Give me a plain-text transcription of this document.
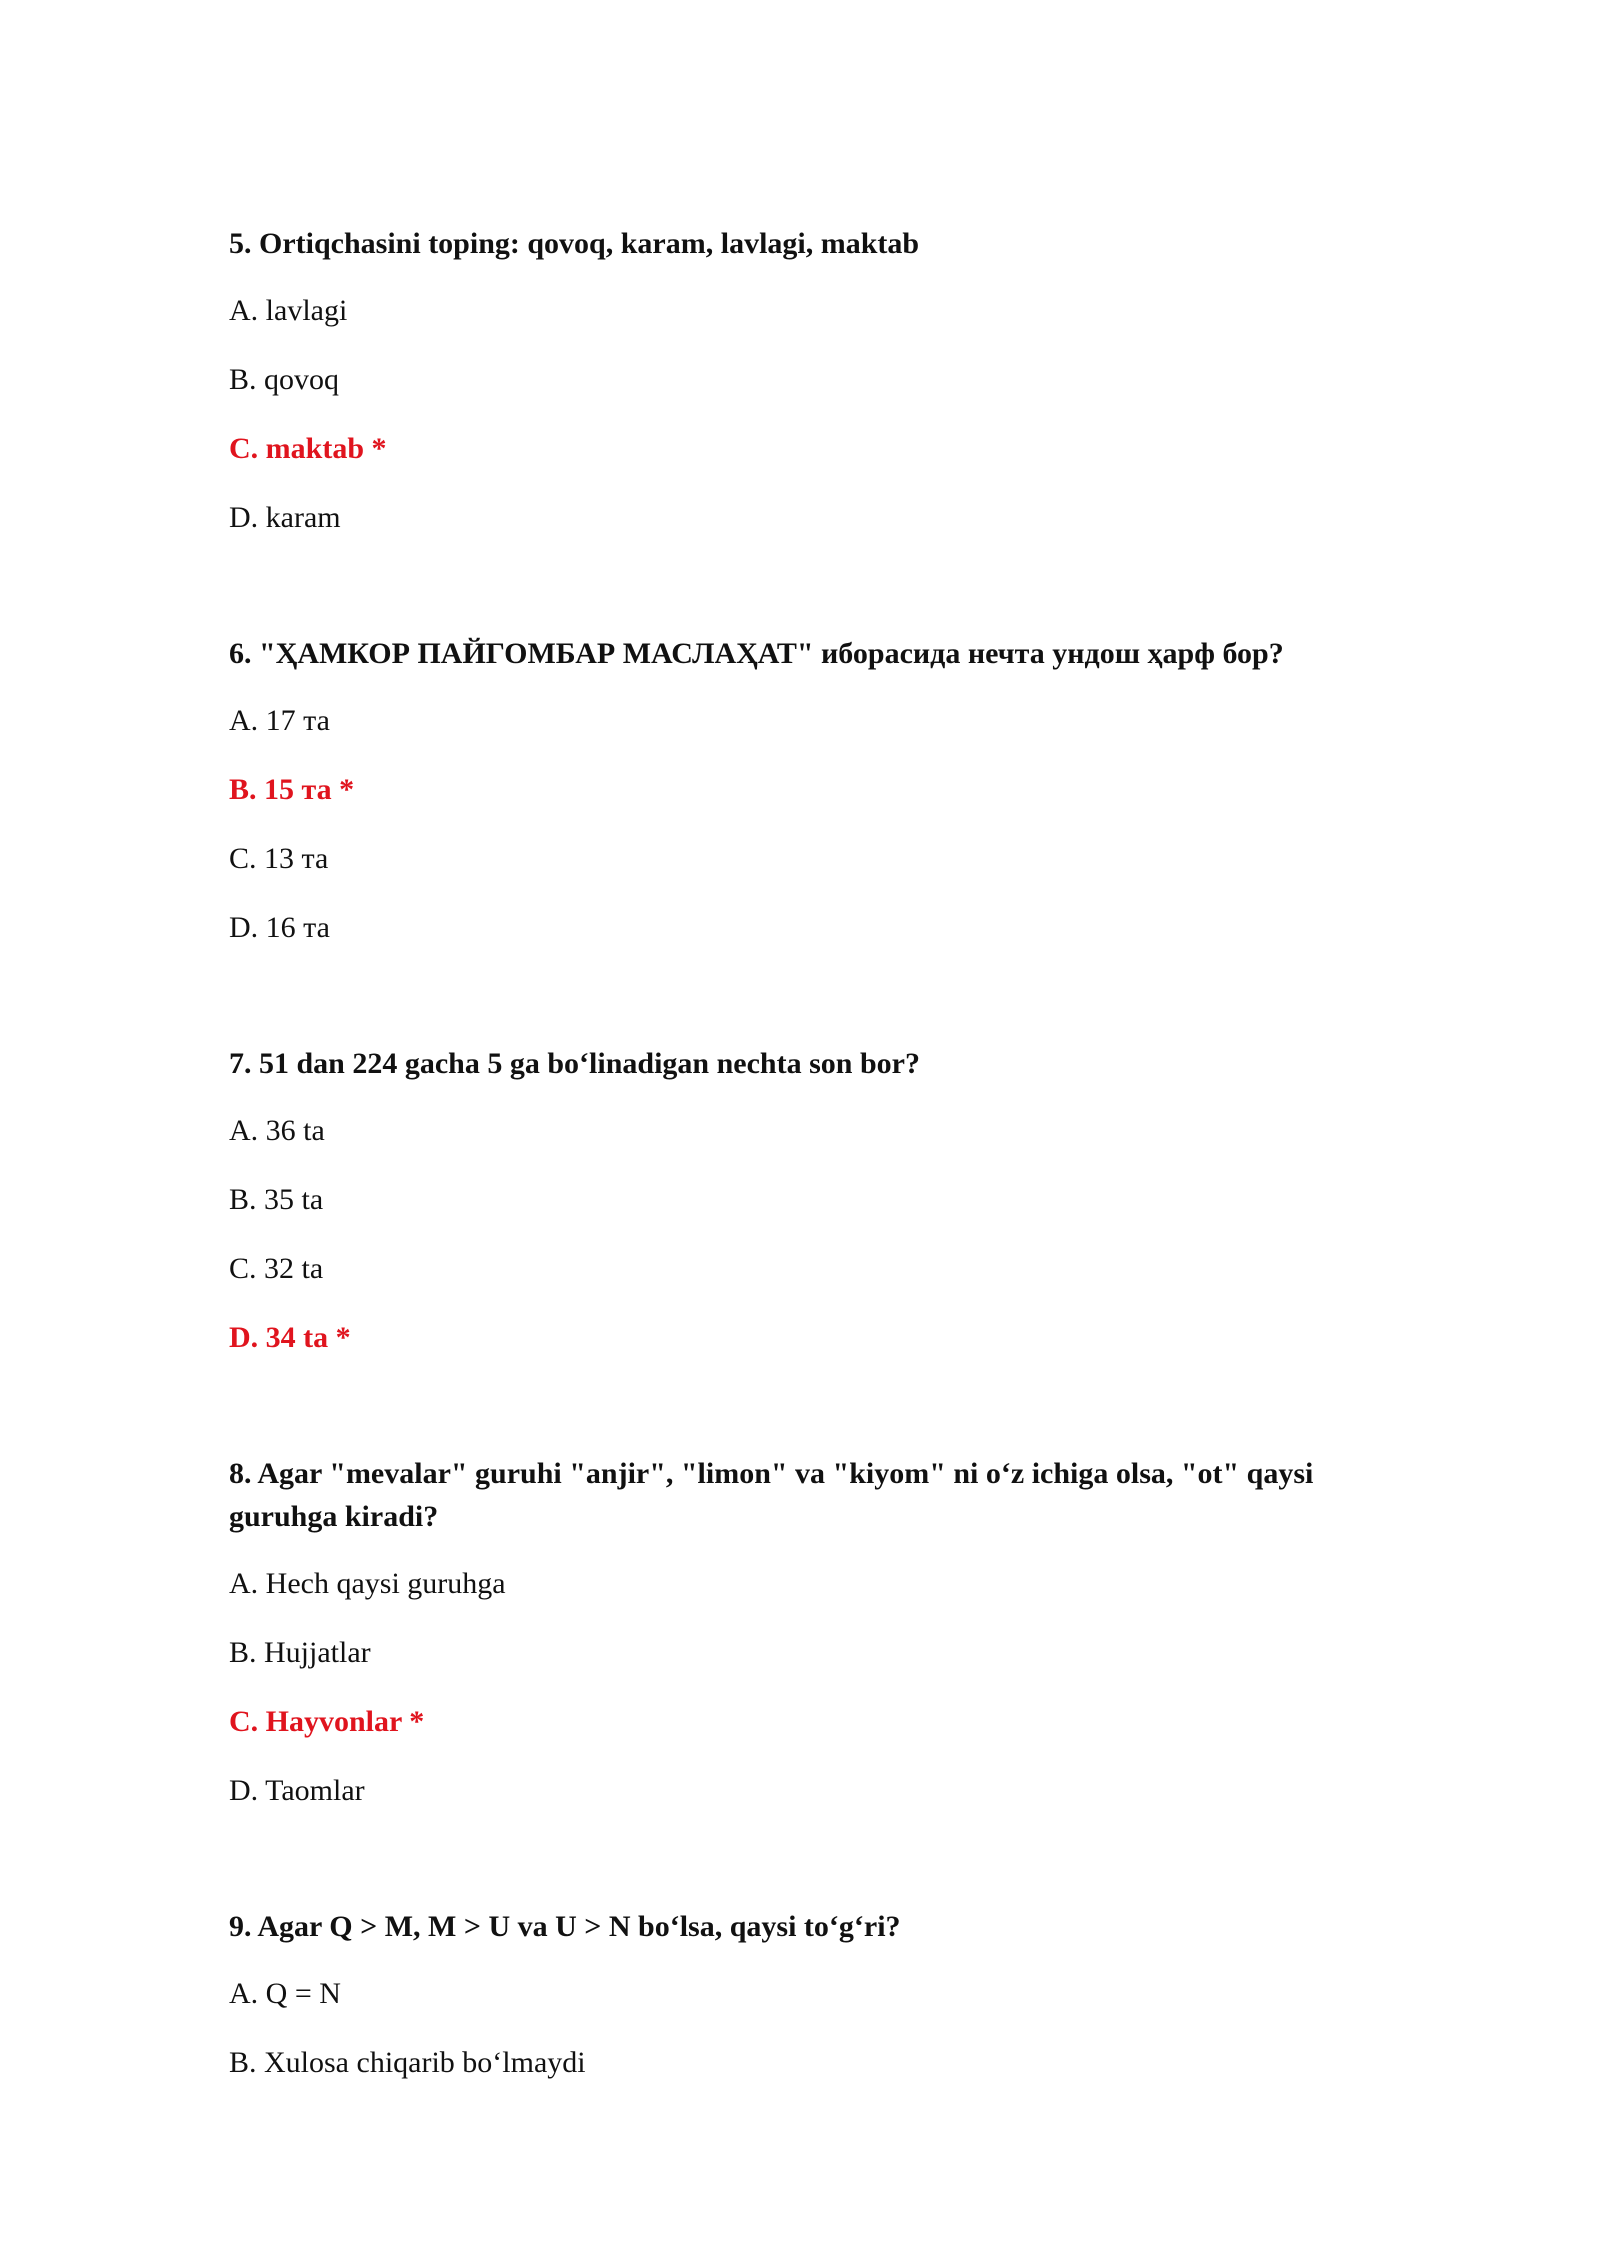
5. Ortiqchasini toping: qovoq, karam, lavlagi, maktab

A. lavlagi

B. qovoq

C. maktab *

D. karam

6. "ҲАМКОР ПАЙГОМБАР МАСЛАҲАТ" иборасида нечта ундош ҳарф бор?

A. 17 та

B. 15 та *

C. 13 та

D. 16 та

7. 51 dan 224 gacha 5 ga bo‘linadigan nechta son bor?

A. 36 ta

B. 35 ta

C. 32 ta

D. 34 ta *

8. Agar "mevalar" guruhi "anjir", "limon" va "kiyom" ni o‘z ichiga olsa, "ot" qaysi guruhga kiradi?

A. Hech qaysi guruhga

B. Hujjatlar

C. Hayvonlar *

D. Taomlar

9. Agar Q > M, M > U va U > N bo‘lsa, qaysi to‘g‘ri?

A. Q = N

B. Xulosa chiqarib bo‘lmaydi
